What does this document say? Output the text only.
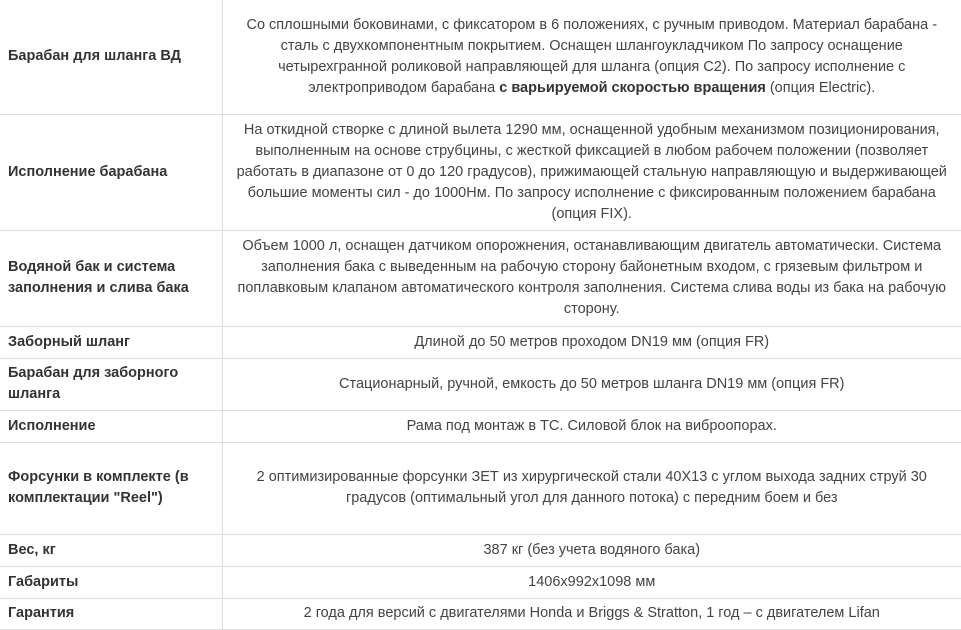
Барабан для шланга ВД	Со сплошными боковинами, с фиксатором в 6 положениях, с ручным приводом. Материал барабана - сталь с двухкомпонентным покрытием. Оснащен шлангоукладчиком По запросу оснащение четырехгранной роликовой направляющей для шланга (опция С2). По запросу исполнение с электроприводом барабана с варьируемой скоростью вращения (опция Electric).
Исполнение барабана	На откидной створке с длиной вылета 1290 мм, оснащенной удобным механизмом позиционирования, выполненным на основе струбцины, с жесткой фиксацией в любом рабочем положении (позволяет работать в диапазоне от 0 до 120 градусов), прижимающей стальную направляющую и выдерживающей большие моменты сил - до 1000Нм. По запросу исполнение с фиксированным положением барабана (опция FIX).
Водяной бак и система заполнения и слива бака	Объем 1000 л, оснащен датчиком опорожнения, останавливающим двигатель автоматически. Система заполнения бака с выведенным на рабочую сторону байонетным входом, с грязевым фильтром и поплавковым клапаном автоматического контроля заполнения. Система слива воды из бака на рабочую сторону.
Заборный шланг	Длиной до 50 метров проходом DN19 мм (опция FR)
Барабан для заборного шланга	Стационарный, ручной, емкость до 50 метров шланга DN19 мм (опция FR)
Исполнение	Рама под монтаж в ТС. Силовой блок на виброопорах.
Форсунки в комплекте (в комплектации "Reel")	2 оптимизированные форсунки ЗЕТ из хирургической стали 40Х13 с углом выхода задних струй 30 градусов (оптимальный угол для данного потока) с передним боем и без
Вес, кг	387 кг (без учета водяного бака)
Габариты	1406х992х1098 мм
Гарантия	2 года для версий с двигателями Honda и Briggs & Stratton, 1 год – с двигателем Lifan
